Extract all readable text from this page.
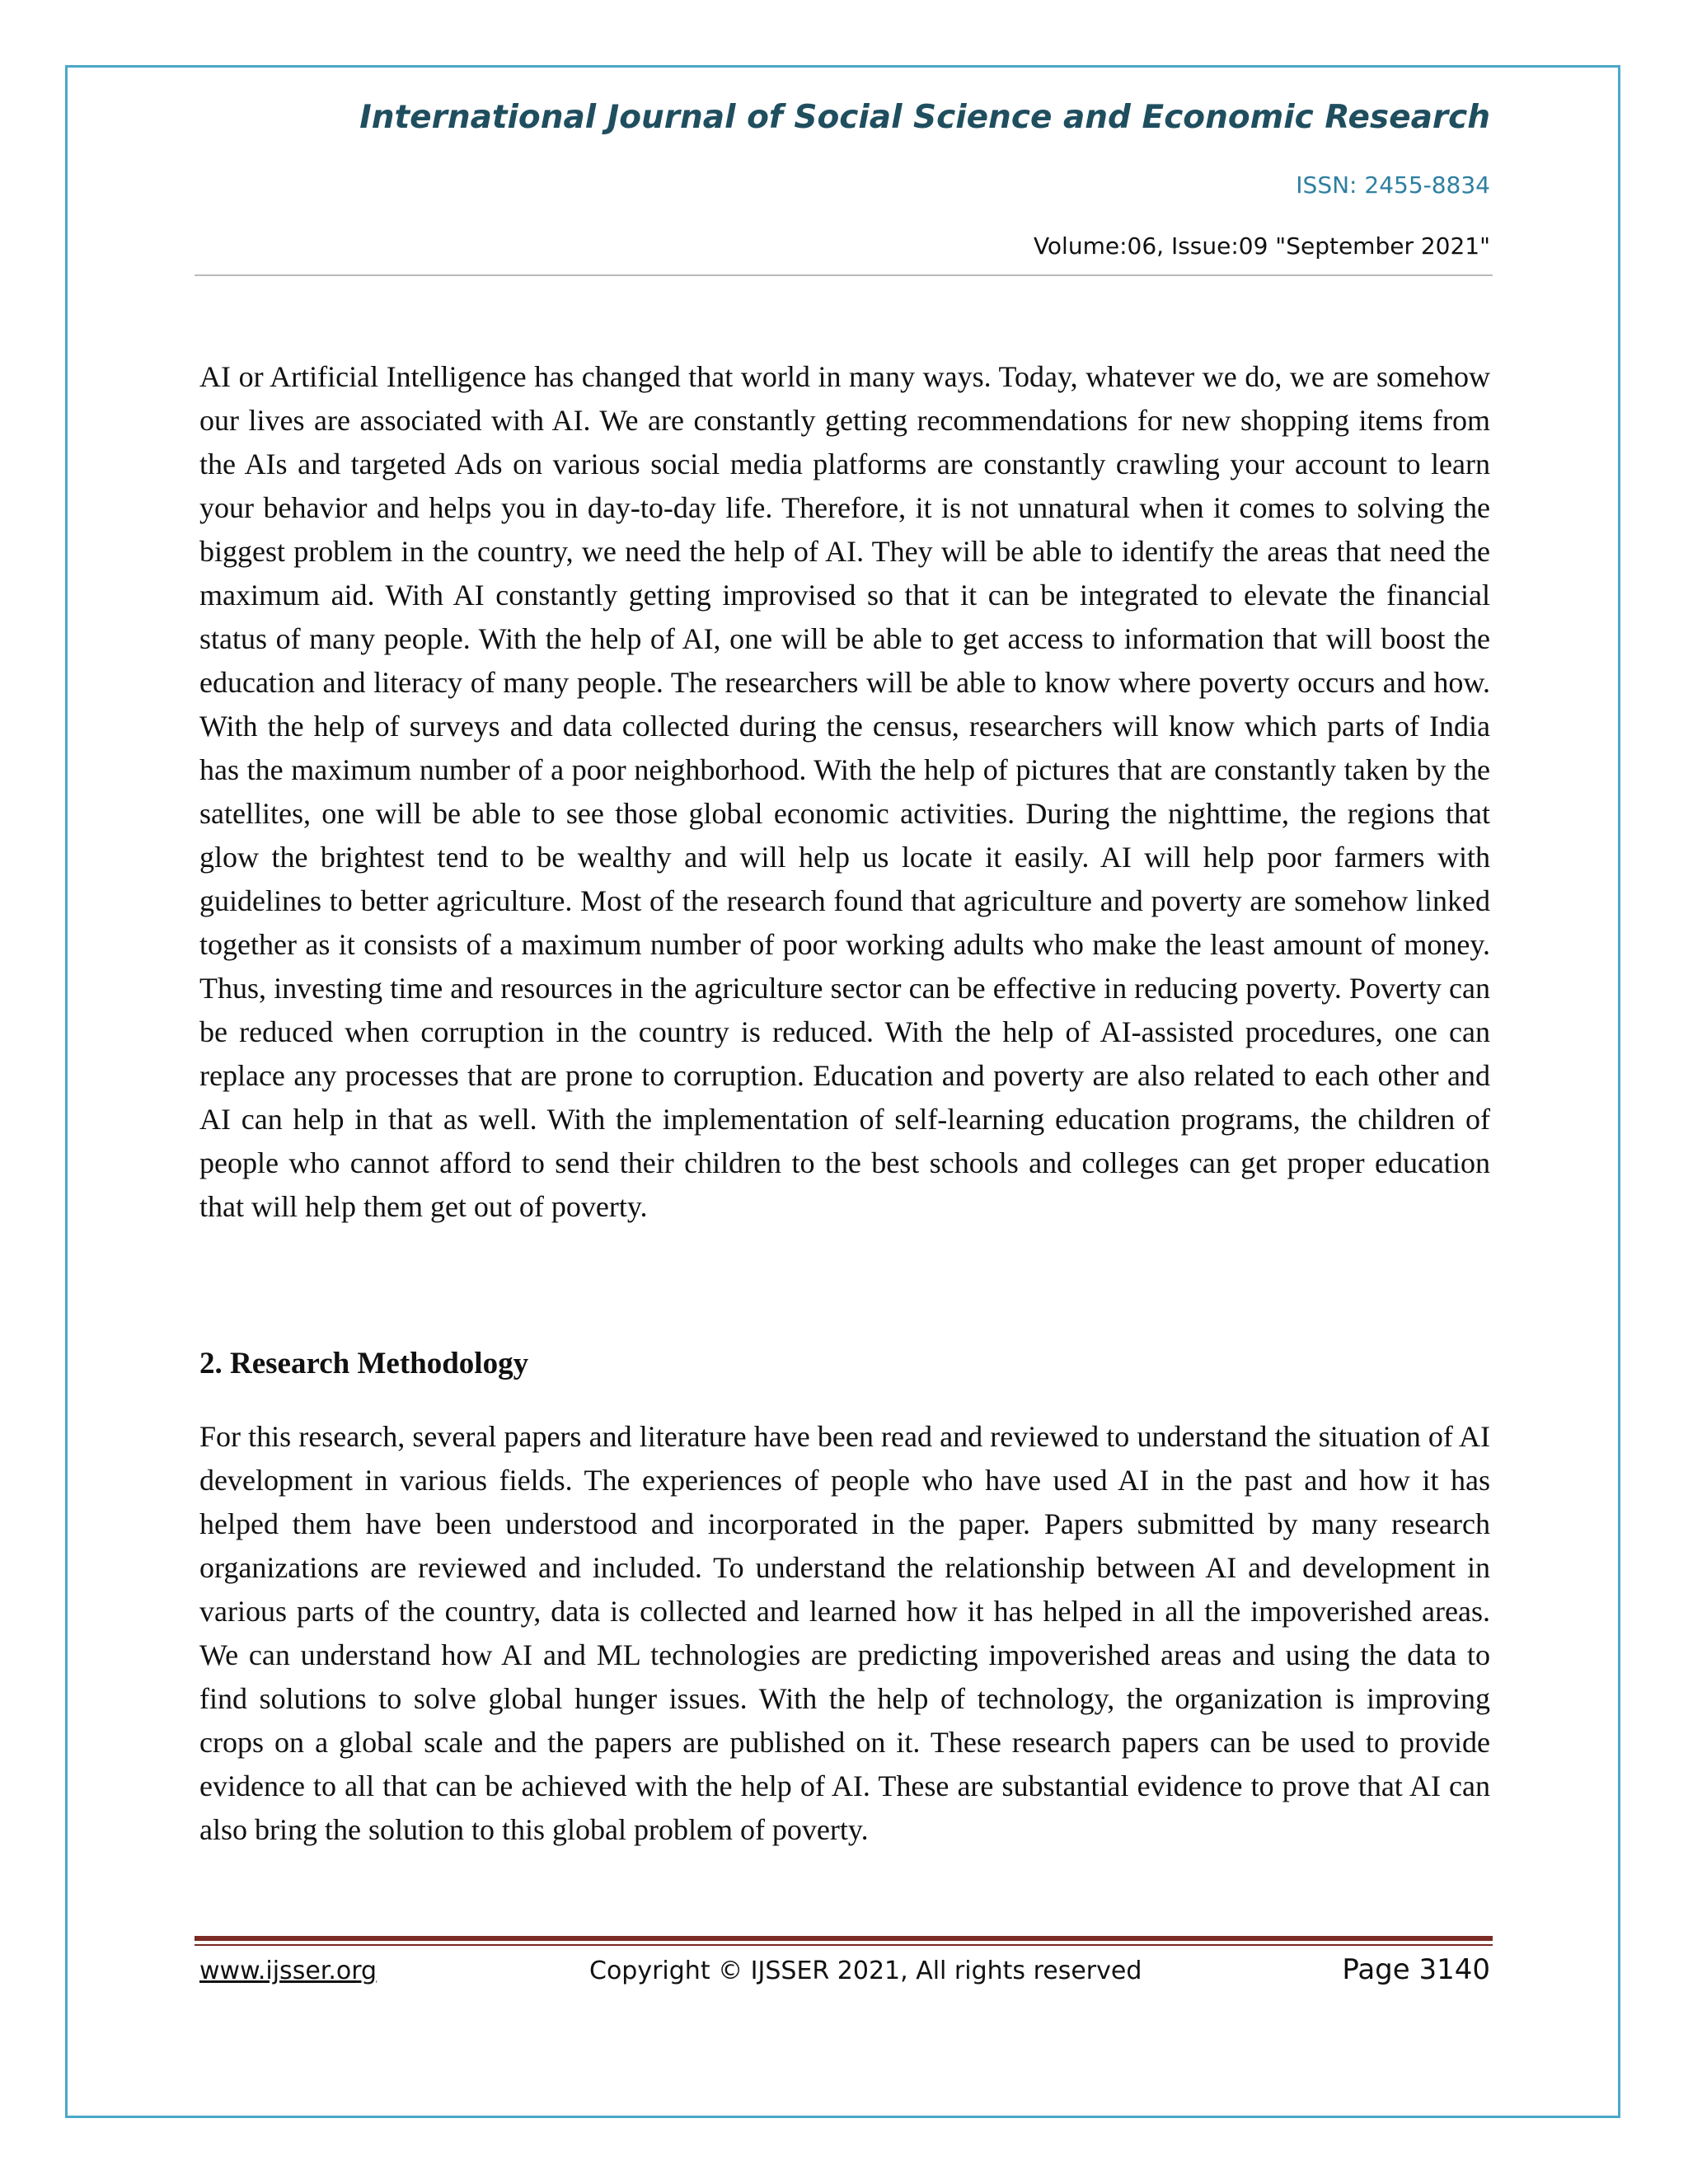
International Journal of Social Science and Economic Research
ISSN: 2455-8834
Volume:06, Issue:09 "September 2021"

AI or Artificial Intelligence has changed that world in many ways. Today, whatever we do, we are somehow our lives are associated with AI. We are constantly getting recommendations for new shopping items from the AIs and targeted Ads on various social media platforms are constantly crawling your account to learn your behavior and helps you in day-to-day life. Therefore, it is not unnatural when it comes to solving the biggest problem in the country, we need the help of AI. They will be able to identify the areas that need the maximum aid. With AI constantly getting improvised so that it can be integrated to elevate the financial status of many people. With the help of AI, one will be able to get access to information that will boost the education and literacy of many people. The researchers will be able to know where poverty occurs and how. With the help of surveys and data collected during the census, researchers will know which parts of India has the maximum number of a poor neighborhood. With the help of pictures that are constantly taken by the satellites, one will be able to see those global economic activities. During the nighttime, the regions that glow the brightest tend to be wealthy and will help us locate it easily. AI will help poor farmers with guidelines to better agriculture. Most of the research found that agriculture and poverty are somehow linked together as it consists of a maximum number of poor working adults who make the least amount of money. Thus, investing time and resources in the agriculture sector can be effective in reducing poverty. Poverty can be reduced when corruption in the country is reduced. With the help of AI-assisted procedures, one can replace any processes that are prone to corruption. Education and poverty are also related to each other and AI can help in that as well. With the implementation of self-learning education programs, the children of people who cannot afford to send their children to the best schools and colleges can get proper education that will help them get out of poverty.

2. Research Methodology

For this research, several papers and literature have been read and reviewed to understand the situation of AI development in various fields. The experiences of people who have used AI in the past and how it has helped them have been understood and incorporated in the paper. Papers submitted by many research organizations are reviewed and included. To understand the relationship between AI and development in various parts of the country, data is collected and learned how it has helped in all the impoverished areas. We can understand how AI and ML technologies are predicting impoverished areas and using the data to find solutions to solve global hunger issues. With the help of technology, the organization is improving crops on a global scale and the papers are published on it. These research papers can be used to provide evidence to all that can be achieved with the help of AI. These are substantial evidence to prove that AI can also bring the solution to this global problem of poverty.

www.ijsser.org	Copyright © IJSSER 2021, All rights reserved	Page 3140
